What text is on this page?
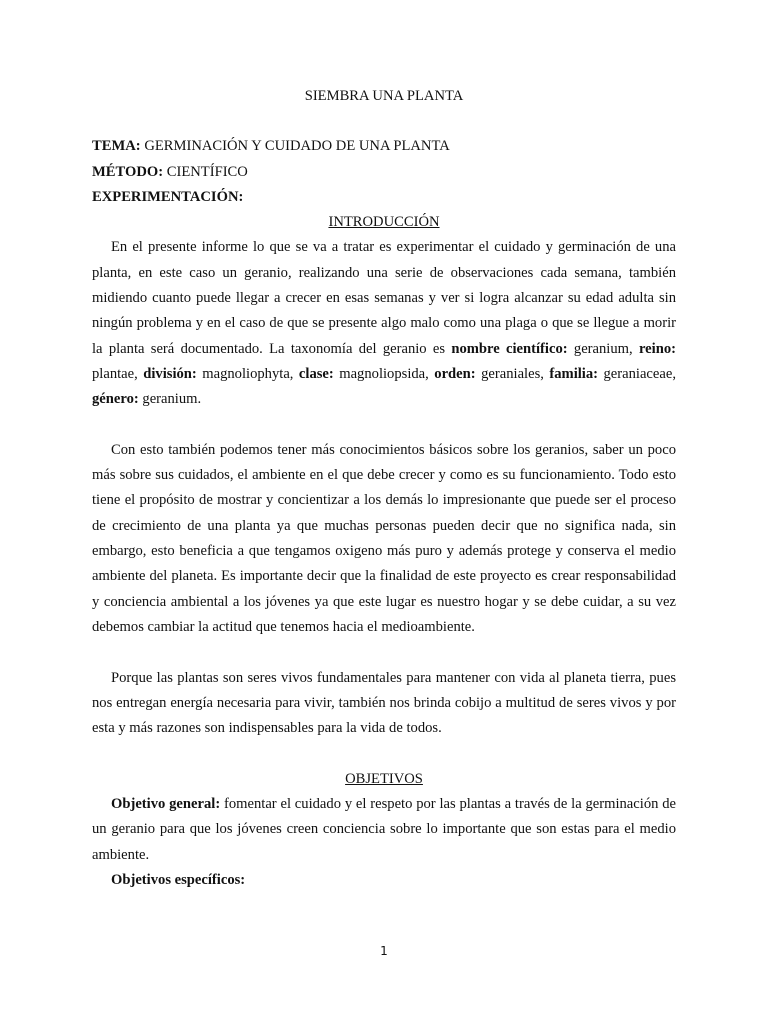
SIEMBRA UNA PLANTA

TEMA: GERMINACIÓN Y CUIDADO DE UNA PLANTA

MÉTODO: CIENTÍFICO

EXPERIMENTACIÓN:

INTRODUCCIÓN

En el presente informe lo que se va a tratar es experimentar el cuidado y germinación de una planta, en este caso un geranio, realizando una serie de observaciones cada semana, también midiendo cuanto puede llegar a crecer en esas semanas y ver si logra alcanzar su edad adulta sin ningún problema y en el caso de que se presente algo malo como una plaga o que se llegue a morir la planta será documentado. La taxonomía del geranio es nombre científico: geranium, reino: plantae, división: magnoliophyta, clase: magnoliopsida, orden: geraniales, familia: geraniaceae, género: geranium.

Con esto también podemos tener más conocimientos básicos sobre los geranios, saber un poco más sobre sus cuidados, el ambiente en el que debe crecer y como es su funcionamiento. Todo esto tiene el propósito de mostrar y concientizar a los demás lo impresionante que puede ser el proceso de crecimiento de una planta ya que muchas personas pueden decir que no significa nada, sin embargo, esto beneficia a que tengamos oxigeno más puro y además protege y conserva el medio ambiente del planeta. Es importante decir que la finalidad de este proyecto es crear responsabilidad y conciencia ambiental a los jóvenes ya que este lugar es nuestro hogar y se debe cuidar, a su vez debemos cambiar la actitud que tenemos hacia el medioambiente.

Porque las plantas son seres vivos fundamentales para mantener con vida al planeta tierra, pues nos entregan energía necesaria para vivir, también nos brinda cobijo a multitud de seres vivos y por esta y más razones son indispensables para la vida de todos.

OBJETIVOS

Objetivo general: fomentar el cuidado y el respeto por las plantas a través de la germinación de un geranio para que los jóvenes creen conciencia sobre lo importante que son estas para el medio ambiente.

Objetivos específicos:

1
